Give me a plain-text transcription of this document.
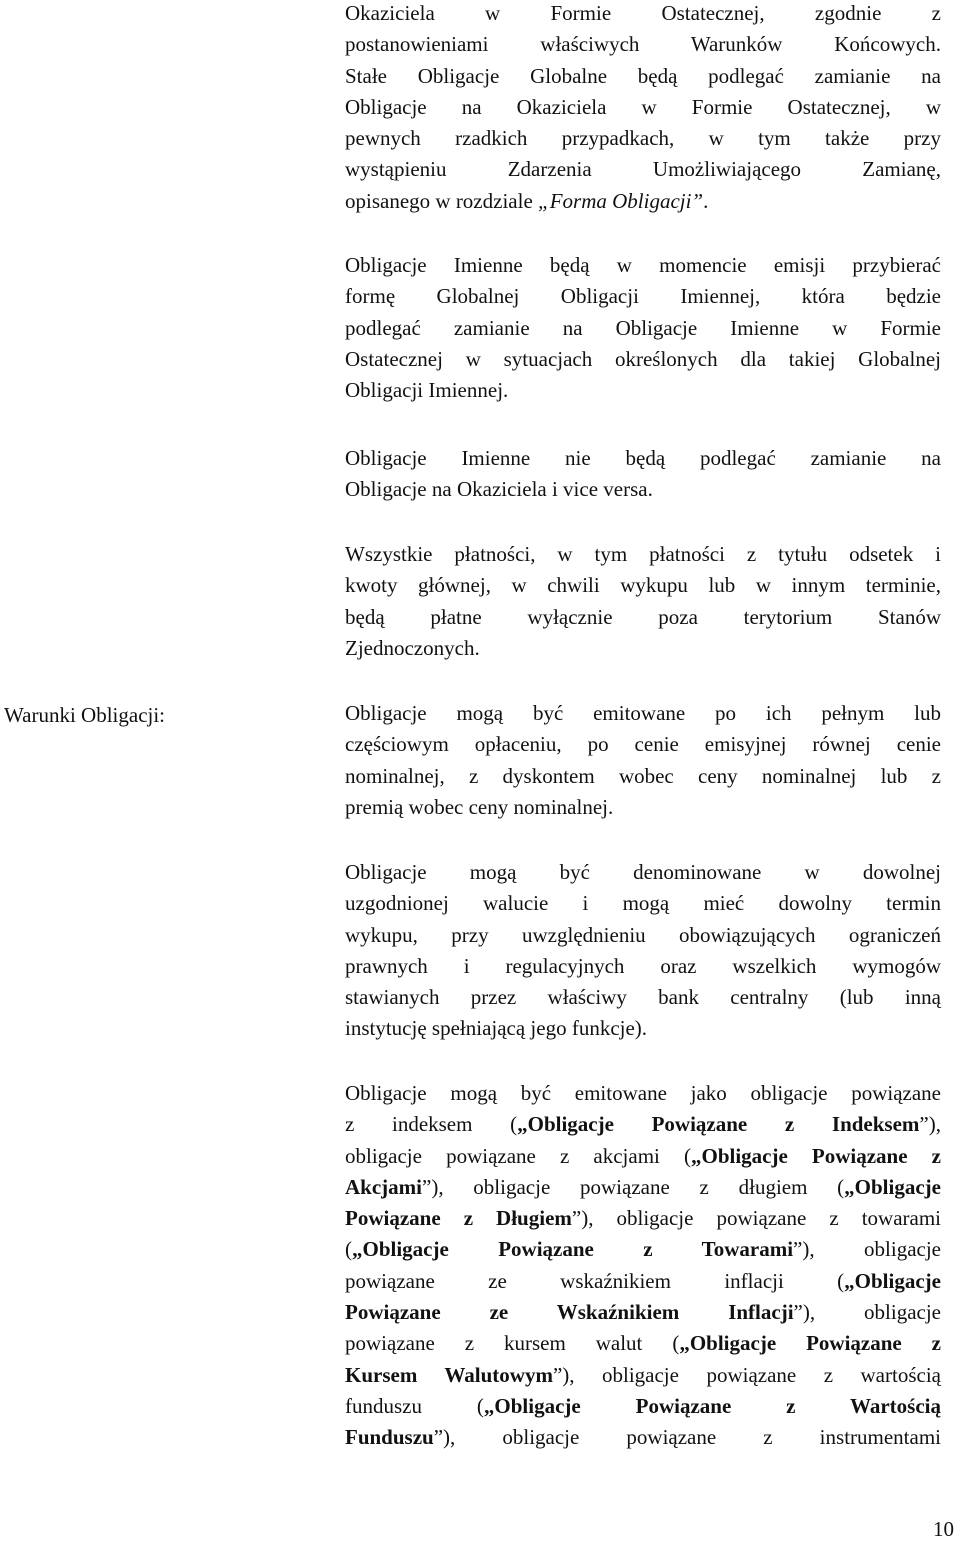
Warunki Obligacji:

Okaziciela w Formie Ostatecznej, zgodnie z
postanowieniami właściwych Warunków Końcowych.
Stałe Obligacje Globalne będą podlegać zamianie na
Obligacje na Okaziciela w Formie Ostatecznej, w
pewnych rzadkich przypadkach, w tym także przy
wystąpieniu Zdarzenia Umożliwiającego Zamianę,
opisanego w rozdziale „Forma Obligacji”.

Obligacje Imienne będą w momencie emisji przybierać
formę Globalnej Obligacji Imiennej, która będzie
podlegać zamianie na Obligacje Imienne w Formie
Ostatecznej w sytuacjach określonych dla takiej Globalnej
Obligacji Imiennej.

Obligacje Imienne nie będą podlegać zamianie na
Obligacje na Okaziciela i vice versa.

Wszystkie płatności, w tym płatności z tytułu odsetek i
kwoty głównej, w chwili wykupu lub w innym terminie,
będą płatne wyłącznie poza terytorium Stanów
Zjednoczonych.

Obligacje mogą być emitowane po ich pełnym lub
częściowym opłaceniu, po cenie emisyjnej równej cenie
nominalnej, z dyskontem wobec ceny nominalnej lub z
premią wobec ceny nominalnej.

Obligacje mogą być denominowane w dowolnej
uzgodnionej walucie i mogą mieć dowolny termin
wykupu, przy uwzględnieniu obowiązujących ograniczeń
prawnych i regulacyjnych oraz wszelkich wymogów
stawianych przez właściwy bank centralny (lub inną
instytucję spełniającą jego funkcje).

Obligacje mogą być emitowane jako obligacje powiązane
z indeksem („Obligacje Powiązane z Indeksem”),
obligacje powiązane z akcjami („Obligacje Powiązane z
Akcjami”), obligacje powiązane z długiem („Obligacje
Powiązane z Długiem”), obligacje powiązane z towarami
(„Obligacje Powiązane z Towarami”), obligacje
powiązane ze wskaźnikiem inflacji („Obligacje
Powiązane ze Wskaźnikiem Inflacji”), obligacje
powiązane z kursem walut („Obligacje Powiązane z
Kursem Walutowym”), obligacje powiązane z wartością
funduszu („Obligacje Powiązane z Wartością
Funduszu”), obligacje powiązane z instrumentami

10
